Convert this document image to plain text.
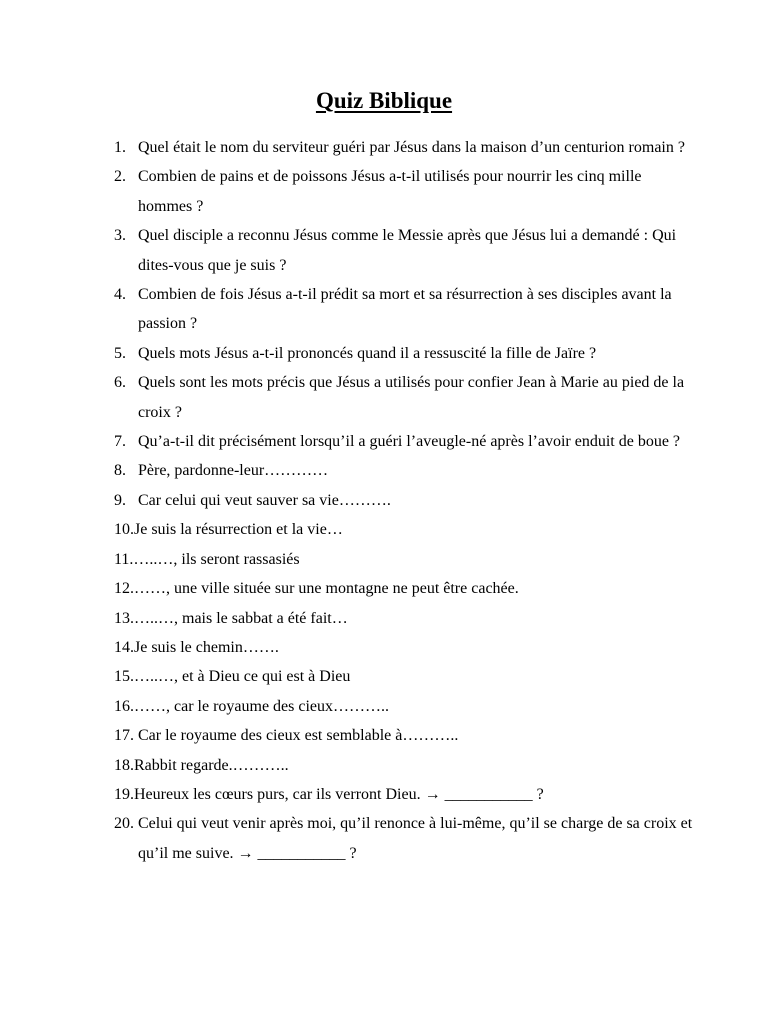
Quiz Biblique
1. Quel était le nom du serviteur guéri par Jésus dans la maison d’un centurion romain ?
2. Combien de pains et de poissons Jésus a-t-il utilisés pour nourrir les cinq mille hommes ?
3. Quel disciple a reconnu Jésus comme le Messie après que Jésus lui a demandé : Qui dites-vous que je suis ?
4. Combien de fois Jésus a-t-il prédit sa mort et sa résurrection à ses disciples avant la passion ?
5. Quels mots Jésus a-t-il prononcés quand il a ressuscité la fille de Jaïre ?
6. Quels sont les mots précis que Jésus a utilisés pour confier Jean à Marie au pied de la croix ?
7. Qu’a-t-il dit précisément lorsqu’il a guéri l’aveugle-né après l’avoir enduit de boue ?
8. Père, pardonne-leur…………
9. Car celui qui veut sauver sa vie……….
10. Je suis la résurrection et la vie…
11. …..…, ils seront rassasiés
12. ……, une ville située sur une montagne ne peut être cachée.
13. …..…, mais le sabbat a été fait…
14. Je suis le chemin…….
15. …..…, et à Dieu ce qui est à Dieu
16. ……, car le royaume des cieux………..
17. Car le royaume des cieux est semblable à………..
18. Rabbit regarde.………..
19. Heureux les cœurs purs, car ils verront Dieu. → ___________ ?
20. Celui qui veut venir après moi, qu’il renonce à lui-même, qu’il se charge de sa croix et qu’il me suive. → ___________ ?
